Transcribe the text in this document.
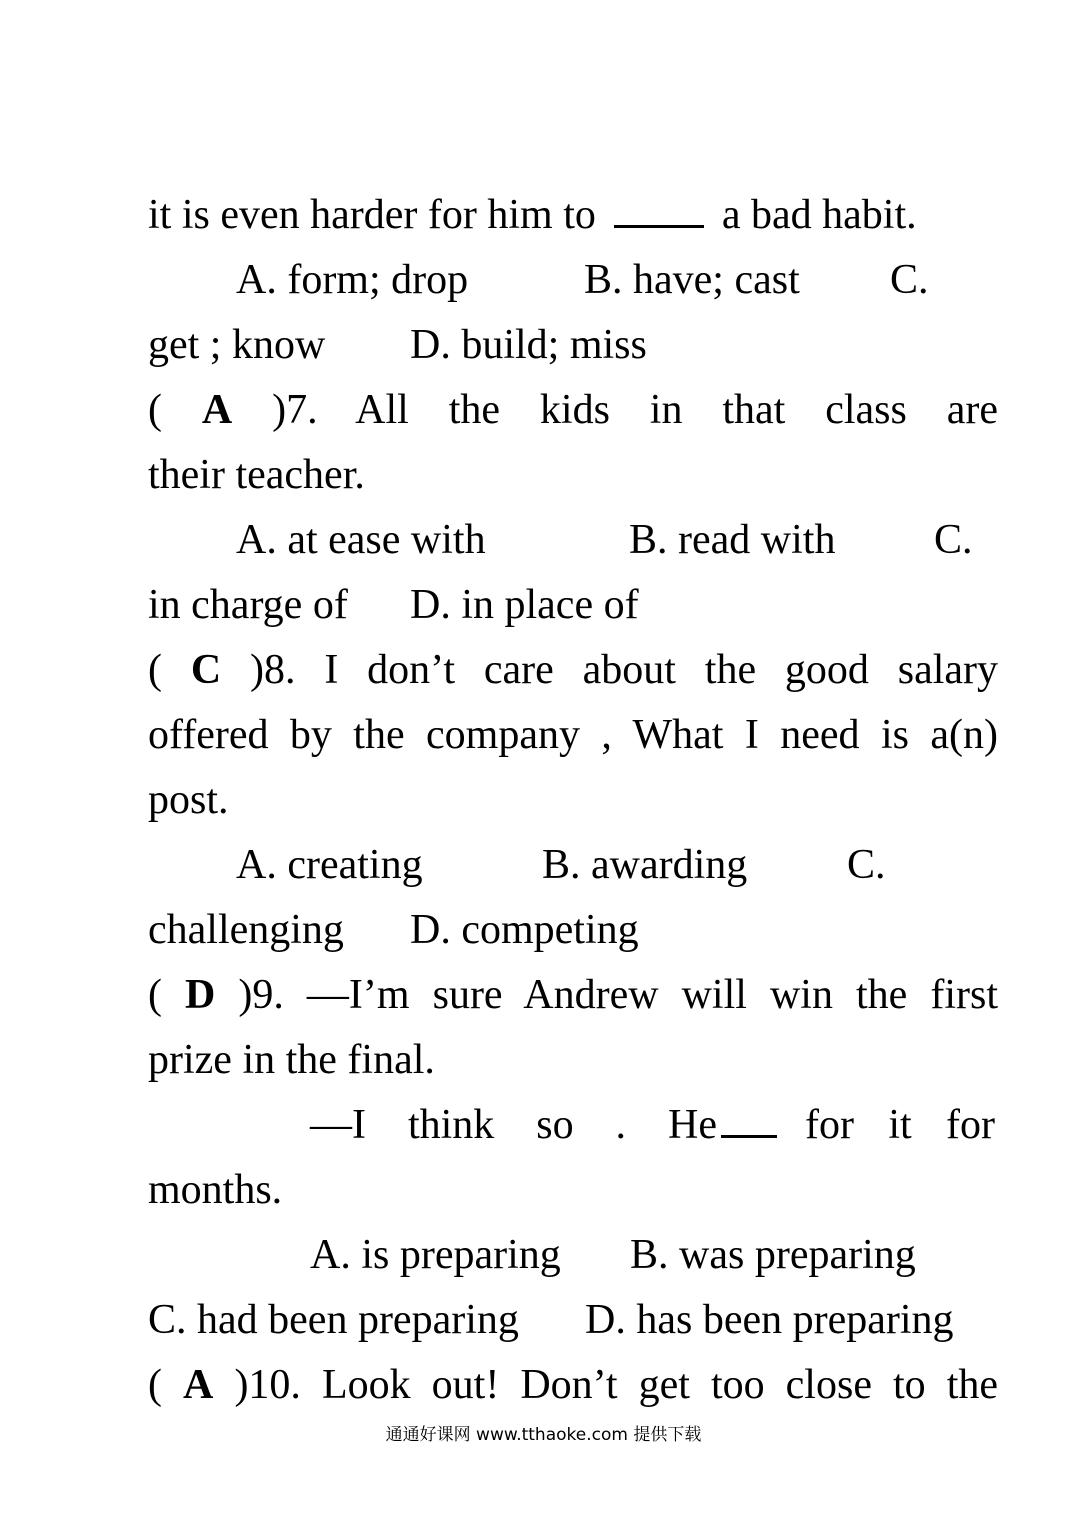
it is even harder for him to	a bad habit.
A. form; drop	B. have; cast C.
get ; know D. build; miss
( A )7. All the kids in that class are
their teacher.
A. at ease with	B. read with C.
in charge of D. in place of
( C )8. I don’t care about the good salary
offered by the company , What I need is a(n)
post.
A. creating	B. awarding C.
challenging D. competing
( D )9. —I’m sure Andrew will win the first
prize in the final.
—I think so . He for it for
months.
A. is preparing B. was preparing
C. had been preparing D. has been preparing
( A )10. Look out! Don’t get too close to the
通通好课网 www.tthaoke.com 提供下载
